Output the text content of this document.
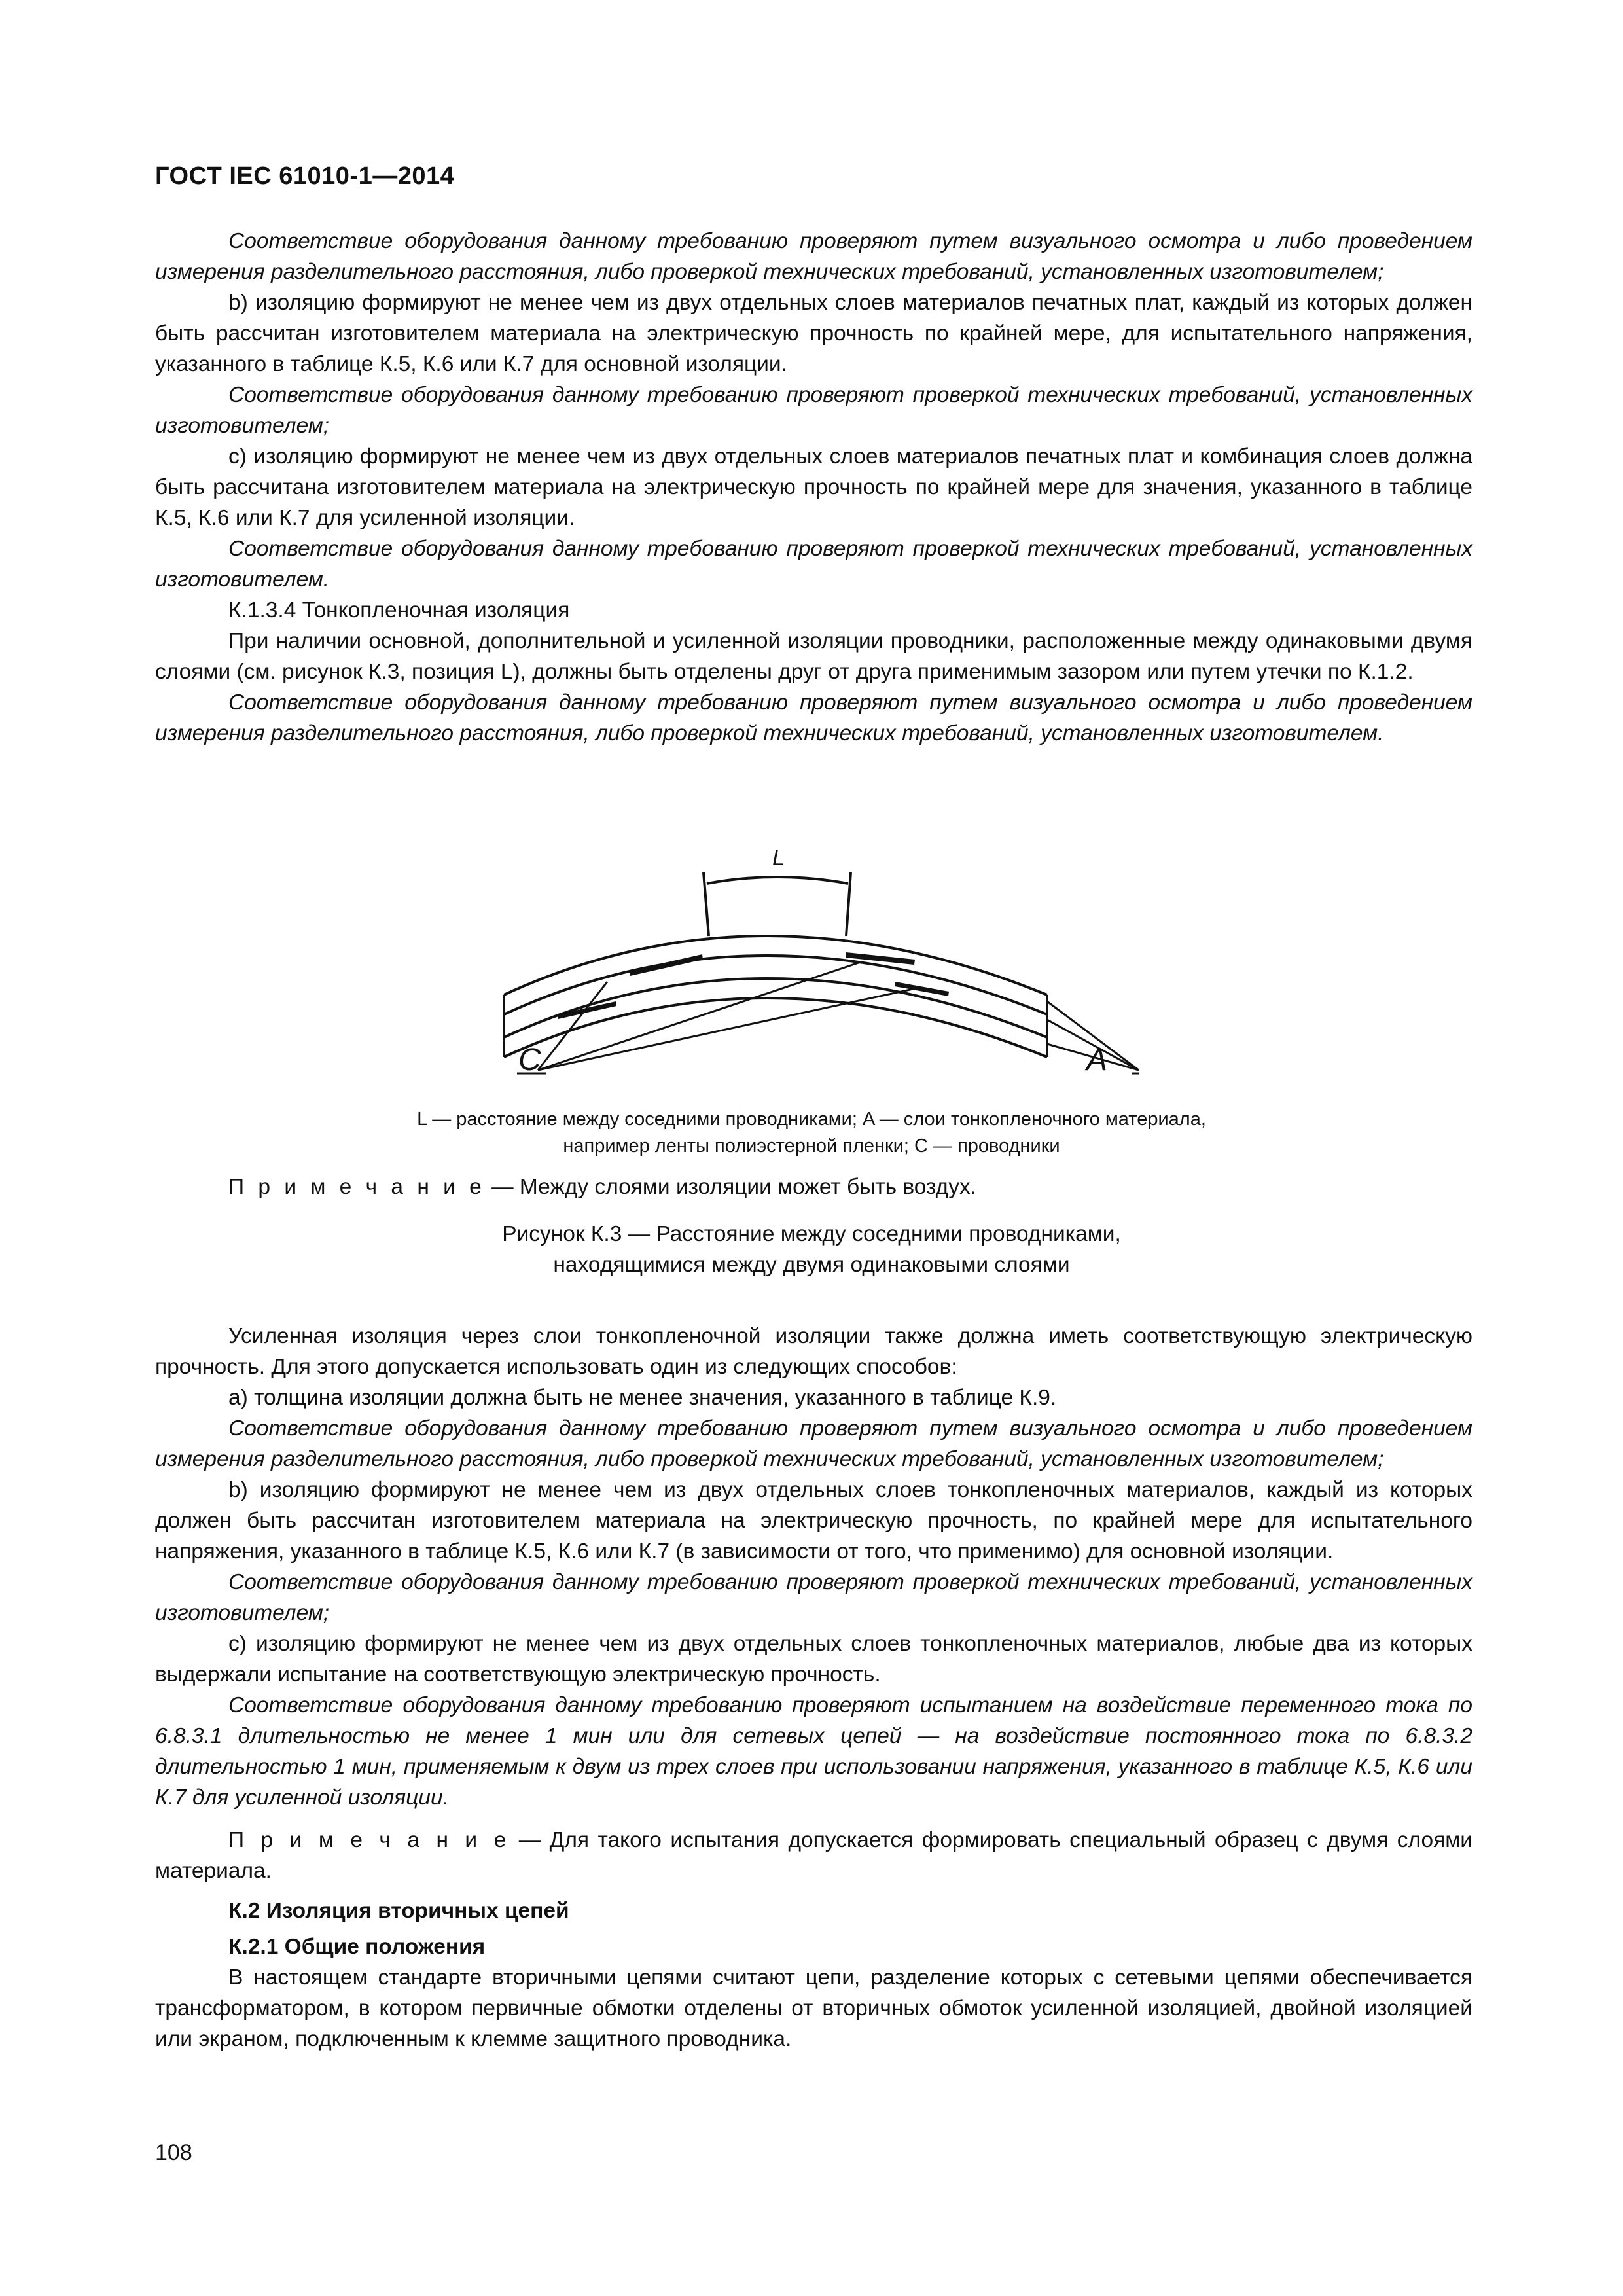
ГОСТ IEC 61010-1—2014

Соответствие оборудования данному требованию проверяют путем визуального осмотра и либо проведением измерения разделительного расстояния, либо проверкой технических требований, установленных изготовителем;

b) изоляцию формируют не менее чем из двух отдельных слоев материалов печатных плат, каждый из которых должен быть рассчитан изготовителем материала на электрическую прочность по крайней мере, для испытательного напряжения, указанного в таблице К.5, К.6 или К.7 для основной изоляции.

Соответствие оборудования данному требованию проверяют проверкой технических требований, установленных изготовителем;

c) изоляцию формируют не менее чем из двух отдельных слоев материалов печатных плат и комбинация слоев должна быть рассчитана изготовителем материала на электрическую прочность по крайней мере для значения, указанного в таблице К.5, К.6 или К.7 для усиленной изоляции.

Соответствие оборудования данному требованию проверяют проверкой технических требований, установленных изготовителем.

К.1.3.4 Тонкопленочная изоляция

При наличии основной, дополнительной и усиленной изоляции проводники, расположенные между одинаковыми двумя слоями (см. рисунок К.3, позиция L), должны быть отделены друг от друга применимым зазором или путем утечки по К.1.2.

Соответствие оборудования данному требованию проверяют путем визуального осмотра и либо проведением измерения разделительного расстояния, либо проверкой технических требований, установленных изготовителем.

L
C	A
L — расстояние между соседними проводниками; A — слои тонкопленочного материала,
например ленты полиэстерной пленки; C — проводники

П р и м е ч а н и е — Между слоями изоляции может быть воздух.

Рисунок К.3 — Расстояние между соседними проводниками,
находящимися между двумя одинаковыми слоями

Усиленная изоляция через слои тонкопленочной изоляции также должна иметь соответствующую электрическую прочность. Для этого допускается использовать один из следующих способов:

a) толщина изоляции должна быть не менее значения, указанного в таблице К.9.

Соответствие оборудования данному требованию проверяют путем визуального осмотра и либо проведением измерения разделительного расстояния, либо проверкой технических требований, установленных изготовителем;

b) изоляцию формируют не менее чем из двух отдельных слоев тонкопленочных материалов, каждый из которых должен быть рассчитан изготовителем материала на электрическую прочность, по крайней мере для испытательного напряжения, указанного в таблице К.5, К.6 или К.7 (в зависимости от того, что применимо) для основной изоляции.

Соответствие оборудования данному требованию проверяют проверкой технических требований, установленных изготовителем;

c) изоляцию формируют не менее чем из двух отдельных слоев тонкопленочных материалов, любые два из которых выдержали испытание на соответствующую электрическую прочность.

Соответствие оборудования данному требованию проверяют испытанием на воздействие переменного тока по 6.8.3.1 длительностью не менее 1 мин или для сетевых цепей — на воздействие постоянного тока по 6.8.3.2 длительностью 1 мин, применяемым к двум из трех слоев при использовании напряжения, указанного в таблице К.5, К.6 или К.7 для усиленной изоляции.

П р и м е ч а н и е — Для такого испытания допускается формировать специальный образец с двумя слоями материала.

К.2 Изоляция вторичных цепей

К.2.1 Общие положения

В настоящем стандарте вторичными цепями считают цепи, разделение которых с сетевыми цепями обеспечивается трансформатором, в котором первичные обмотки отделены от вторичных обмоток усиленной изоляцией, двойной изоляцией или экраном, подключенным к клемме защитного проводника.

108
